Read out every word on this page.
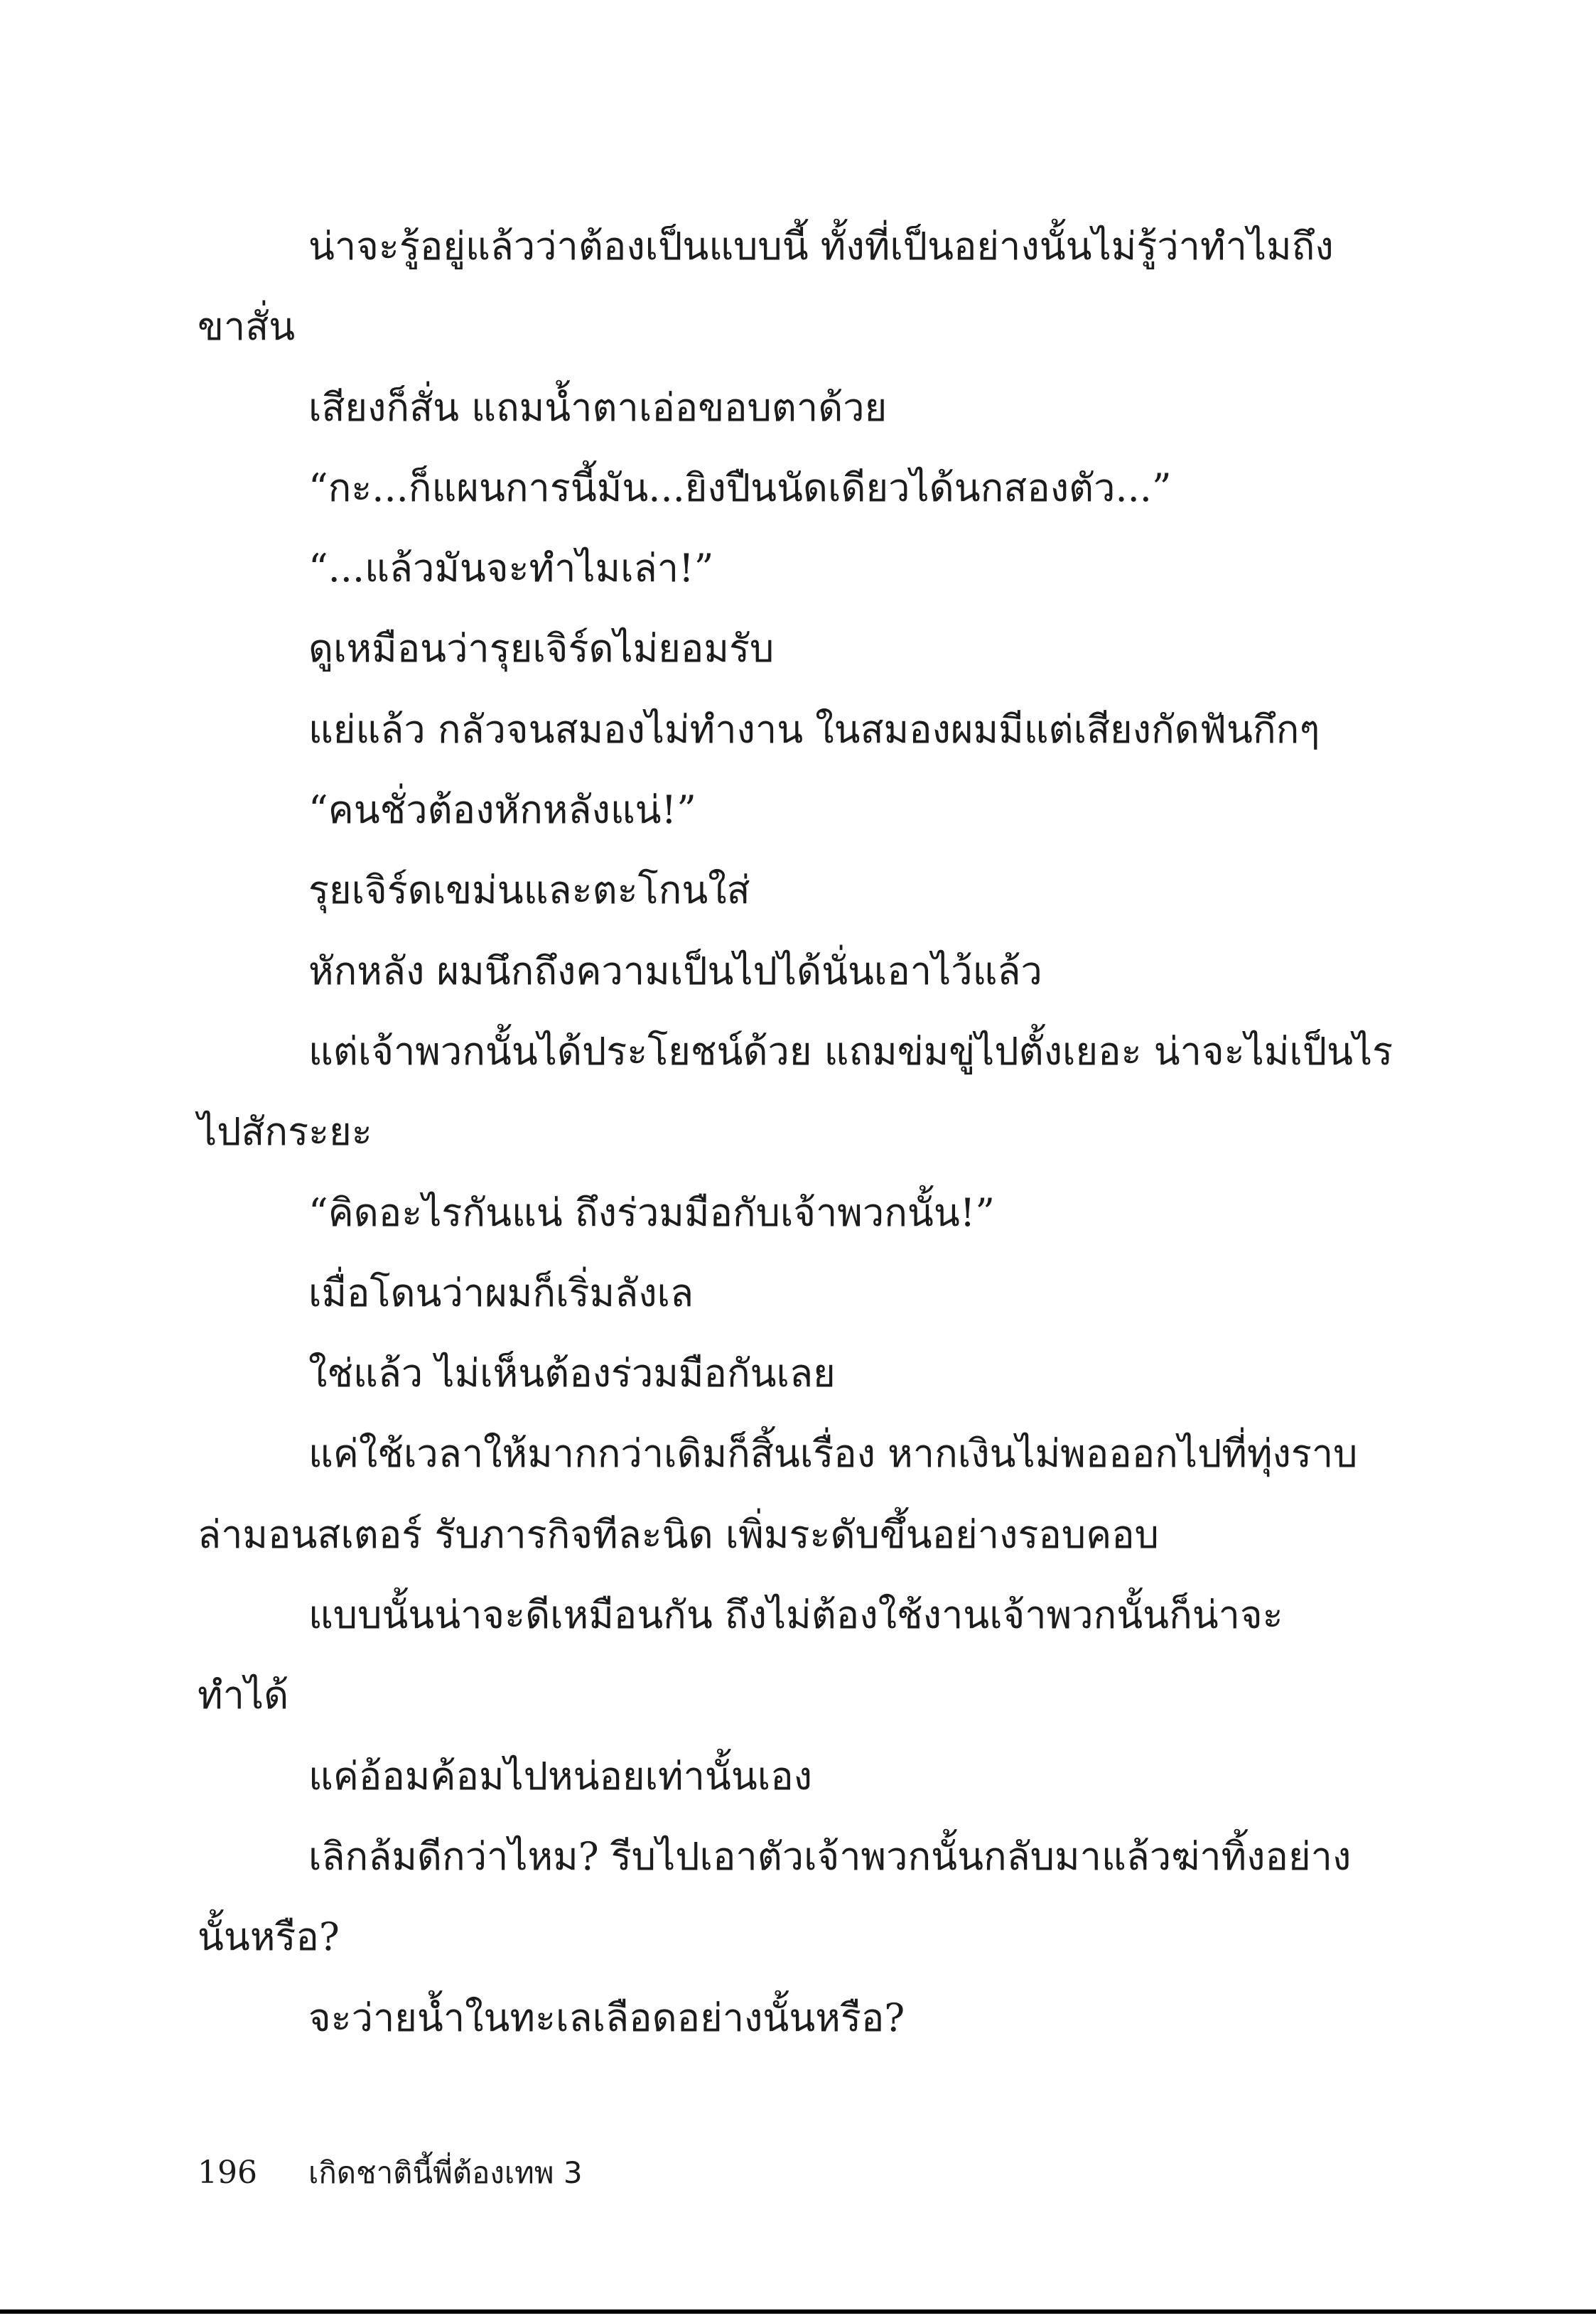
น่าจะรู้อยู่แล้วว่าต้องเป็นแบบนี้ ทั้งที่เป็นอย่างนั้นไม่รู้ว่าทำไมถึง
ขาสั่น
เสียงก็สั่น แถมน้ำตาเอ่อขอบตาด้วย
“กะ...ก็แผนการนี้มัน...ยิงปืนนัดเดียวได้นกสองตัว...”
“...แล้วมันจะทำไมเล่า!”
ดูเหมือนว่ารุยเจิร์ดไม่ยอมรับ
แย่แล้ว กลัวจนสมองไม่ทำงาน ในสมองผมมีแต่เสียงกัดฟันกึกๆ
“คนชั่วต้องหักหลังแน่!”
รุยเจิร์ดเขม่นและตะโกนใส่
หักหลัง ผมนึกถึงความเป็นไปได้นั่นเอาไว้แล้ว
แต่เจ้าพวกนั้นได้ประโยชน์ด้วย แถมข่มขู่ไปตั้งเยอะ น่าจะไม่เป็นไร
ไปสักระยะ
“คิดอะไรกันแน่ ถึงร่วมมือกับเจ้าพวกนั้น!”
เมื่อโดนว่าผมก็เริ่มลังเล
ใช่แล้ว ไม่เห็นต้องร่วมมือกันเลย
แค่ใช้เวลาให้มากกว่าเดิมก็สิ้นเรื่อง หากเงินไม่พอออกไปที่ทุ่งราบ
ล่ามอนสเตอร์ รับภารกิจทีละนิด เพิ่มระดับขึ้นอย่างรอบคอบ
แบบนั้นน่าจะดีเหมือนกัน ถึงไม่ต้องใช้งานเจ้าพวกนั้นก็น่าจะ
ทำได้
แค่อ้อมค้อมไปหน่อยเท่านั้นเอง
เลิกล้มดีกว่าไหม? รีบไปเอาตัวเจ้าพวกนั้นกลับมาแล้วฆ่าทิ้งอย่าง
นั้นหรือ?
จะว่ายน้ำในทะเลเลือดอย่างนั้นหรือ?
196 เกิดชาตินี้พี่ต้องเทพ 3
